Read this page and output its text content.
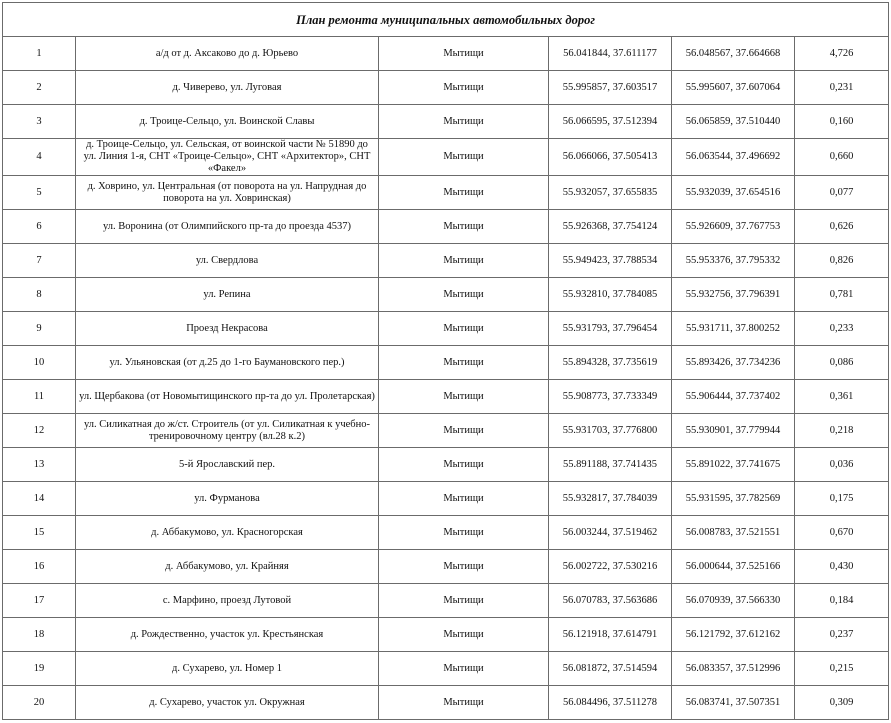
План ремонта муниципальных автомобильных дорог					
1	а/д от д. Аксаково до д. Юрьево	Мытищи	56.041844, 37.611177	56.048567, 37.664668	4,726
2	д. Чиверево, ул. Луговая	Мытищи	55.995857, 37.603517	55.995607, 37.607064	0,231
3	д. Троице-Сельцо, ул. Воинской Славы	Мытищи	56.066595, 37.512394	56.065859, 37.510440	0,160
4	д. Троице-Сельцо, ул. Сельская, от воинской части № 51890 до ул. Линия 1-я, СНТ «Троице-Сельцо», СНТ «Архитектор», СНТ «Факел»	Мытищи	56.066066, 37.505413	56.063544, 37.496692	0,660
5	д. Ховрино, ул. Центральная (от поворота на ул. Напрудная до поворота на ул. Ховринская)	Мытищи	55.932057, 37.655835	55.932039, 37.654516	0,077
6	ул. Воронина (от Олимпийского пр-та до проезда 4537)	Мытищи	55.926368, 37.754124	55.926609, 37.767753	0,626
7	ул. Свердлова	Мытищи	55.949423, 37.788534	55.953376, 37.795332	0,826
8	ул. Репина	Мытищи	55.932810, 37.784085	55.932756, 37.796391	0,781
9	Проезд Некрасова	Мытищи	55.931793, 37.796454	55.931711, 37.800252	0,233
10	ул. Ульяновская (от д.25 до 1-го Баумановского пер.)	Мытищи	55.894328, 37.735619	55.893426, 37.734236	0,086
11	ул. Щербакова (от Новомытищинского пр-та до ул. Пролетарская)	Мытищи	55.908773, 37.733349	55.906444, 37.737402	0,361
12	ул. Силикатная до ж/ст. Строитель (от ул. Силикатная к учебно-тренировочному центру (вл.28 к.2)	Мытищи	55.931703, 37.776800	55.930901, 37.779944	0,218
13	5-й Ярославский пер.	Мытищи	55.891188, 37.741435	55.891022, 37.741675	0,036
14	ул. Фурманова	Мытищи	55.932817, 37.784039	55.931595, 37.782569	0,175
15	д. Аббакумово, ул. Красногорская	Мытищи	56.003244, 37.519462	56.008783, 37.521551	0,670
16	д. Аббакумово, ул. Крайняя	Мытищи	56.002722, 37.530216	56.000644, 37.525166	0,430
17	с. Марфино, проезд Лутовой	Мытищи	56.070783, 37.563686	56.070939, 37.566330	0,184
18	д. Рождественно, участок ул. Крестьянская	Мытищи	56.121918, 37.614791	56.121792, 37.612162	0,237
19	д. Сухарево, ул. Номер 1	Мытищи	56.081872, 37.514594	56.083357, 37.512996	0,215
20	д. Сухарево, участок ул. Окружная	Мытищи	56.084496, 37.511278	56.083741, 37.507351	0,309
